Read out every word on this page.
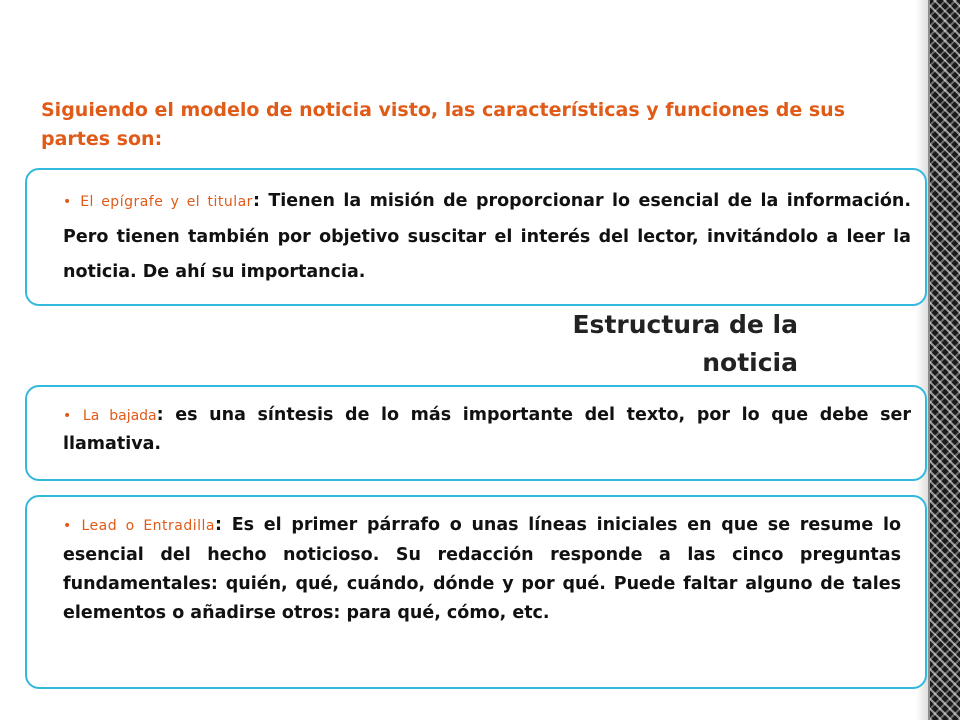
Siguiendo el modelo de noticia visto, las características y funciones de sus partes son:

• El epígrafe y el titular: Tienen la misión de proporcionar lo esencial de la información. Pero tienen también por objetivo suscitar el interés del lector, invitándolo a leer la noticia. De ahí su importancia.

Estructura de la noticia

• La bajada: es una síntesis de lo más importante del texto, por lo que debe ser llamativa.

• Lead o Entradilla: Es el primer párrafo o unas líneas iniciales en que se resume lo esencial del hecho noticioso. Su redacción responde a las cinco preguntas fundamentales: quién, qué, cuándo, dónde y por qué. Puede faltar alguno de tales elementos o añadirse otros: para qué, cómo, etc.
